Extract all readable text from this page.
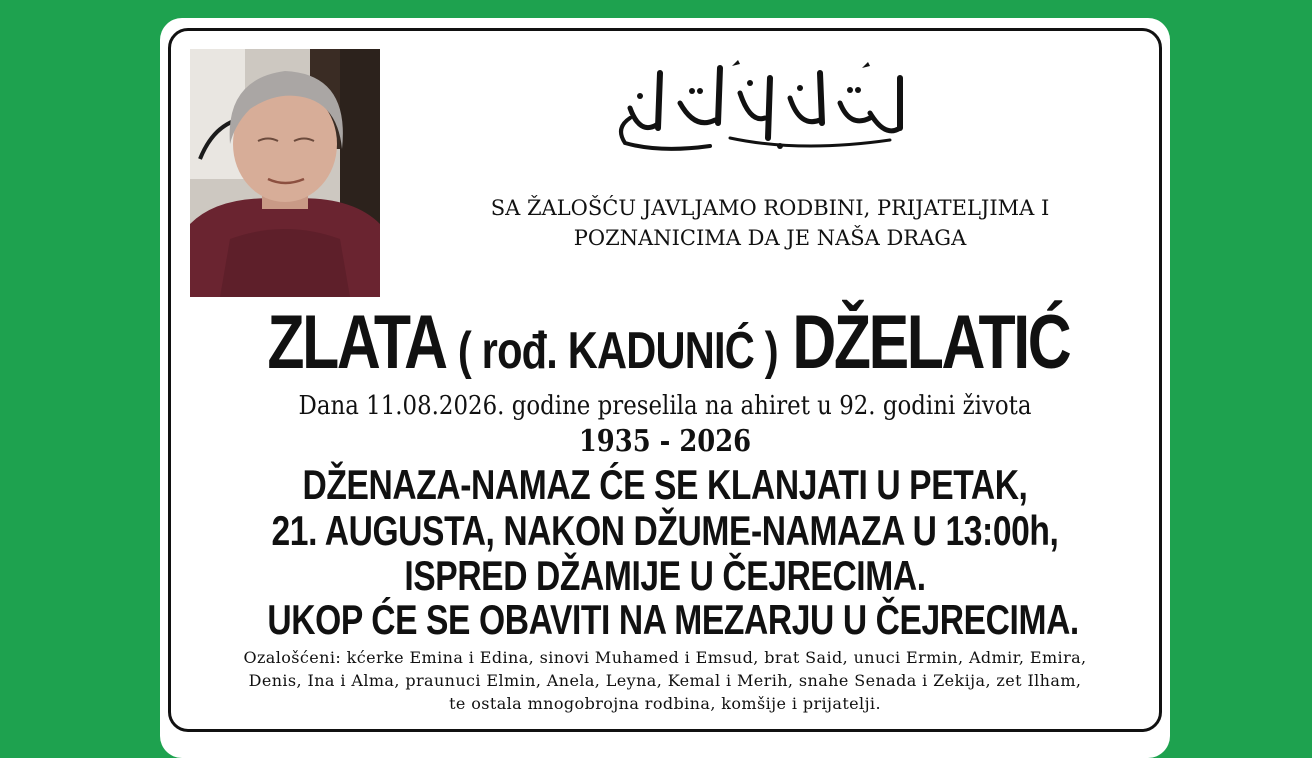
SA ŽALOŠĆU JAVLJAMO RODBINI, PRIJATELJIMA I
POZNANICIMA DA JE NAŠA DRAGA
ZLATA ( rođ. KADUNIĆ ) DŽELATIĆ
Dana 11.08.2026. godine preselila na ahiret u 92. godini života
1935 - 2026
DŽENAZA-NAMAZ ĆE SE KLANJATI U PETAK,
21. AUGUSTA, NAKON DŽUME-NAMAZA U 13:00h,
ISPRED DŽAMIJE U ČEJRECIMA.
UKOP ĆE SE OBAVITI NA MEZARJU U ČEJRECIMA.
Ozalošćeni: kćerke Emina i Edina, sinovi Muhamed i Emsud, brat Said, unuci Ermin, Admir, Emira,
Denis, Ina i Alma, praunuci Elmin, Anela, Leyna, Kemal i Merih, snahe Senada i Zekija, zet Ilham,
te ostala mnogobrojna rodbina, komšije i prijatelji.
